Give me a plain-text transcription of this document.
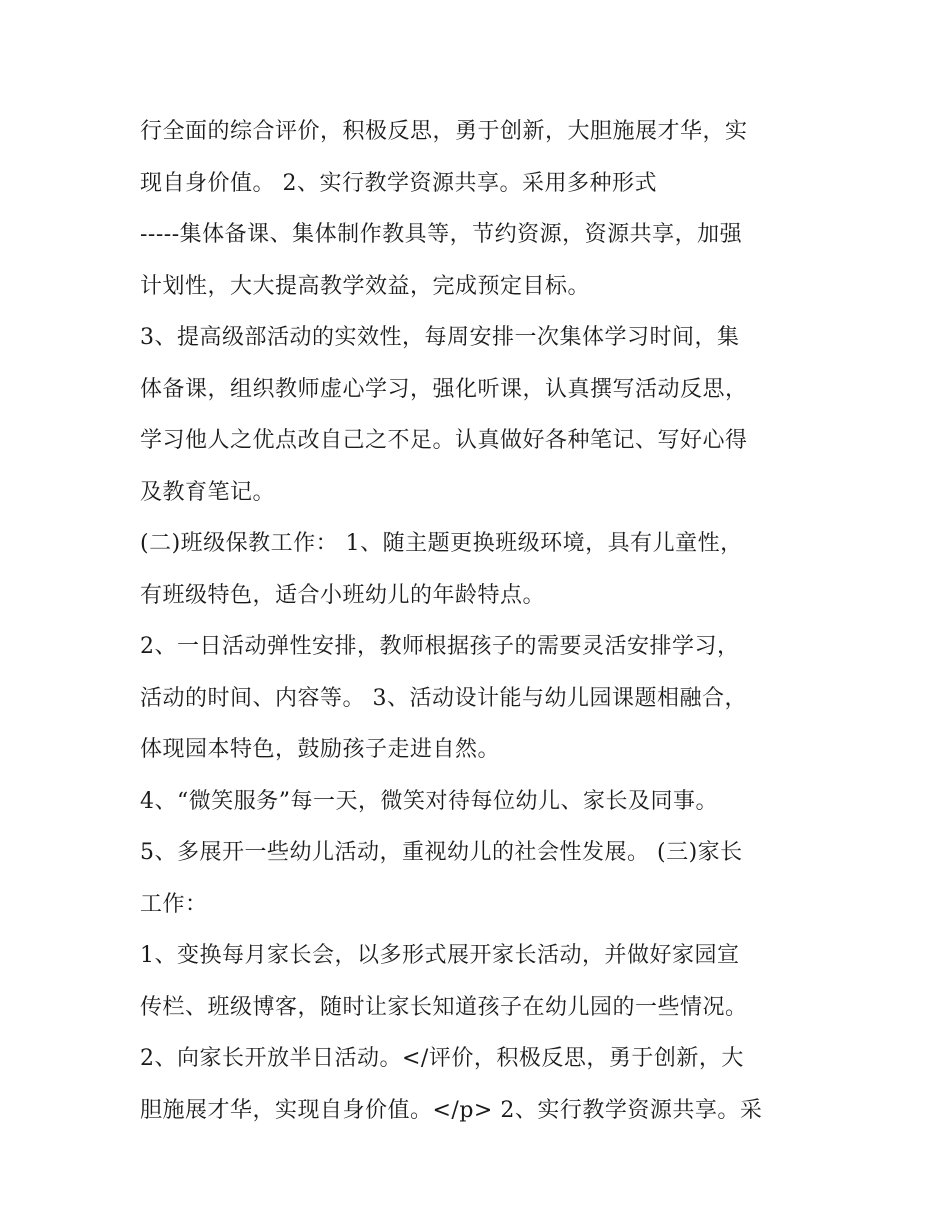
行全面的综合评价，积极反思，勇于创新，大胆施展才华，实
现自身价值。 2、实行教学资源共享。采用多种形式
-----集体备课、集体制作教具等，节约资源，资源共享，加强
计划性，大大提高教学效益，完成预定目标。
3、提高级部活动的实效性，每周安排一次集体学习时间，集
体备课，组织教师虚心学习，强化听课，认真撰写活动反思，
学习他人之优点改自己之不足。认真做好各种笔记、写好心得
及教育笔记。
(二)班级保教工作： 1、随主题更换班级环境，具有儿童性，
有班级特色，适合小班幼儿的年龄特点。
2、一日活动弹性安排，教师根据孩子的需要灵活安排学习，
活动的时间、内容等。 3、活动设计能与幼儿园课题相融合，
体现园本特色，鼓励孩子走进自然。
4、“微笑服务”每一天，微笑对待每位幼儿、家长及同事。
5、多展开一些幼儿活动，重视幼儿的社会性发展。 (三)家长
工作：
1、变换每月家长会，以多形式展开家长活动，并做好家园宣
传栏、班级博客，随时让家长知道孩子在幼儿园的一些情况。
2、向家长开放半日活动。</评价，积极反思，勇于创新，大
胆施展才华，实现自身价值。</p> 2、实行教学资源共享。采
